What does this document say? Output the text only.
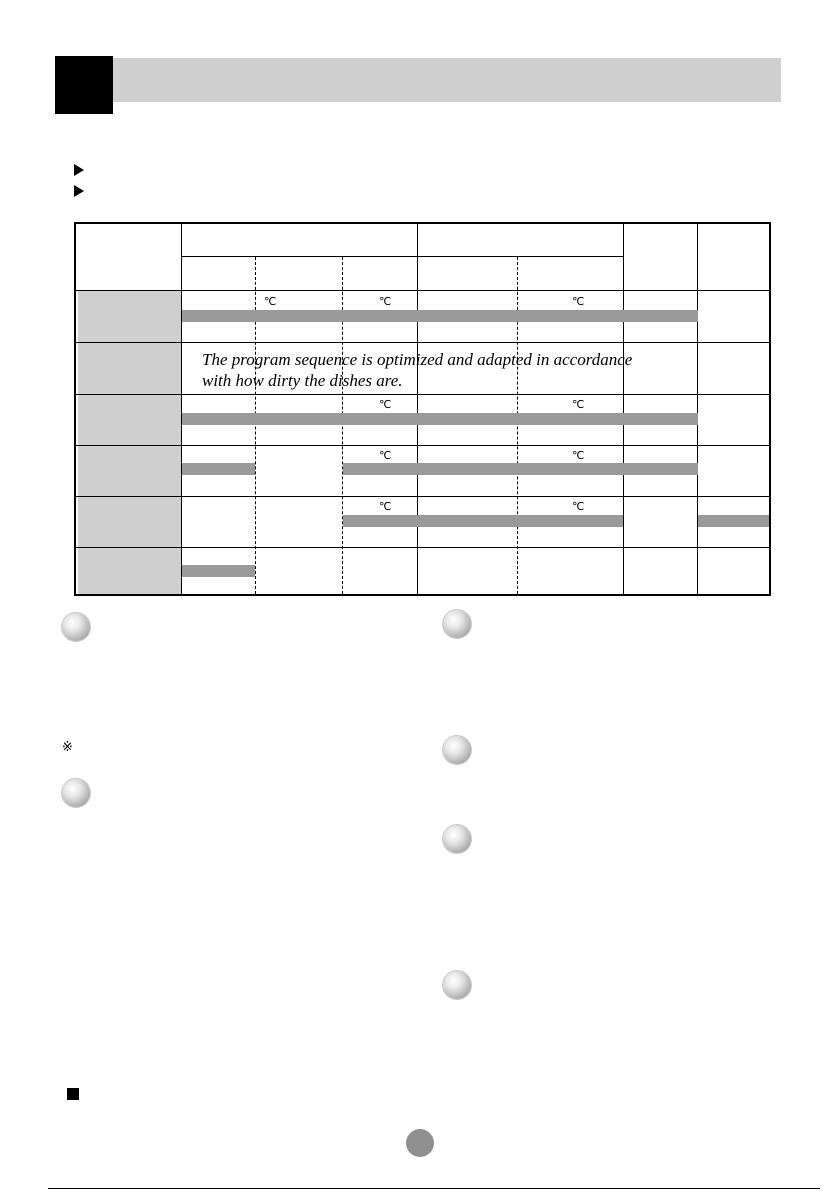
℃	℃	℃
The program sequence is optimized and adapted in accordance
with how dirty the dishes are.
℃	℃
℃	℃
℃	℃
※
